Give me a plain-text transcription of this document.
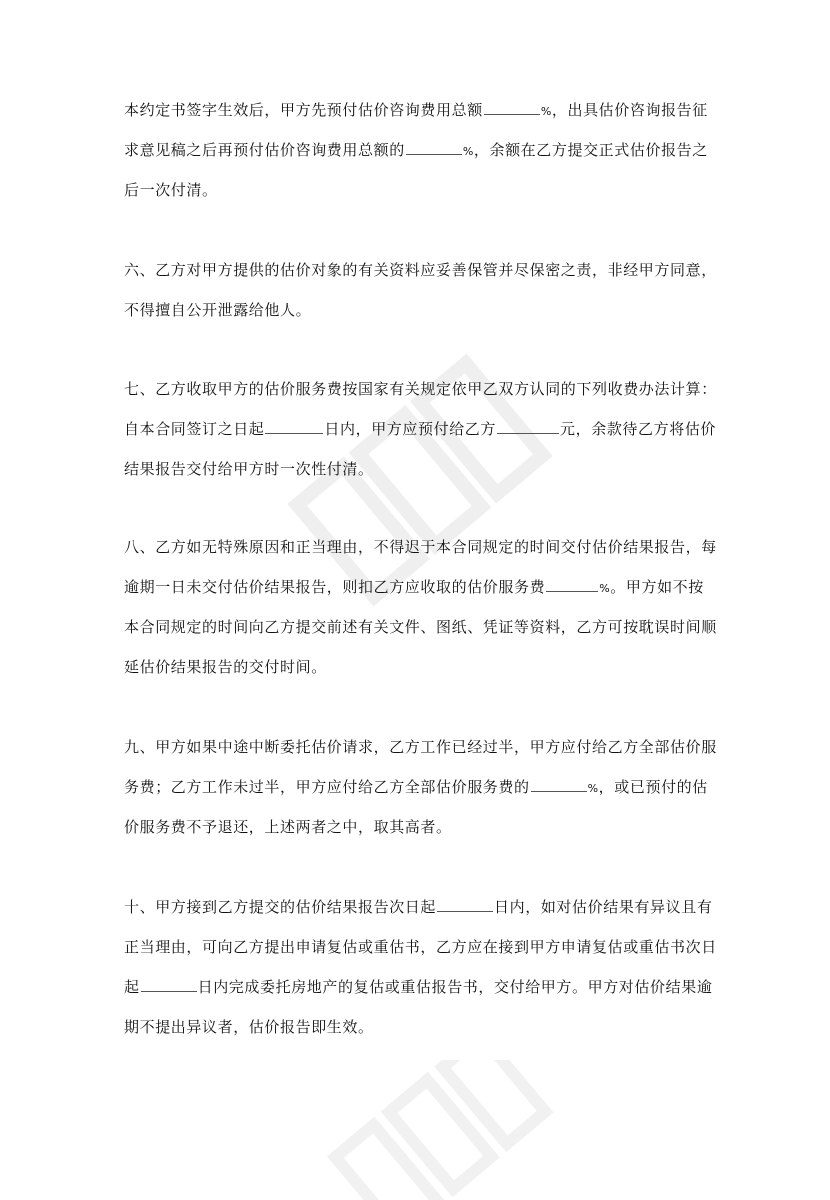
本约定书签字生效后，甲方先预付估价咨询费用总额	%，出具估价咨询报告征
求意见稿之后再预付估价咨询费用总额的	%，余额在乙方提交正式估价报告之
后一次付清。
六、乙方对甲方提供的估价对象的有关资料应妥善保管并尽保密之责，非经甲方同意，
不得擅自公开泄露给他人。
七、乙方收取甲方的估价服务费按国家有关规定依甲乙双方认同的下列收费办法计算：
自本合同签订之日起	日内，甲方应预付给乙方	元，余款待乙方将估价
结果报告交付给甲方时一次性付清。
八、乙方如无特殊原因和正当理由，不得迟于本合同规定的时间交付估价结果报告，每
逾期一日未交付估价结果报告，则扣乙方应收取的估价服务费	%。甲方如不按
本合同规定的时间向乙方提交前述有关文件、图纸、凭证等资料，乙方可按耽误时间顺
延估价结果报告的交付时间。
九、甲方如果中途中断委托估价请求，乙方工作已经过半，甲方应付给乙方全部估价服
务费；乙方工作未过半，甲方应付给乙方全部估价服务费的	%，或已预付的估
价服务费不予退还，上述两者之中，取其高者。
十、甲方接到乙方提交的估价结果报告次日起	日内，如对估价结果有异议且有
正当理由，可向乙方提出申请复估或重估书，乙方应在接到甲方申请复估或重估书次日
起	日内完成委托房地产的复估或重估报告书，交付给甲方。甲方对估价结果逾
期不提出异议者，估价报告即生效。
